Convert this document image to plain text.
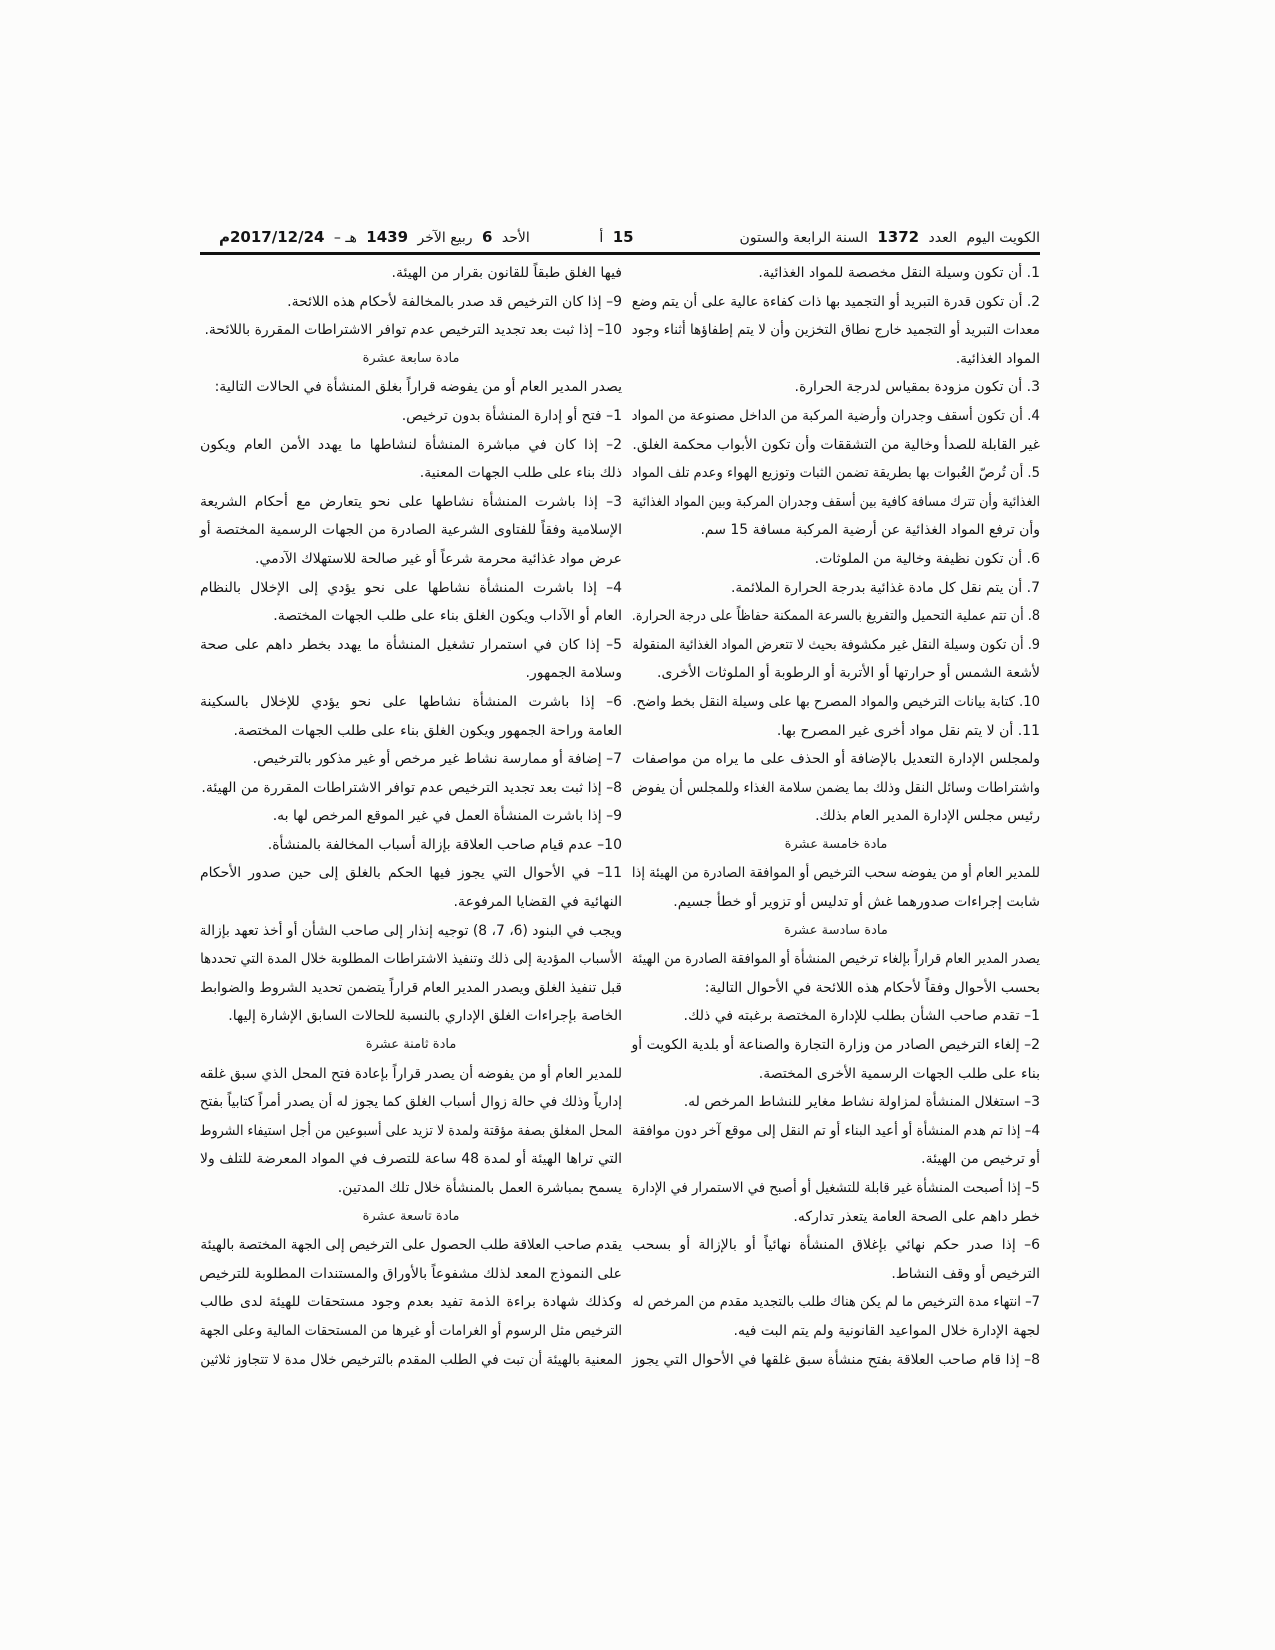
الكويت اليوم العدد 1372 السنة الرابعة والستون
15 أ
الأحد 6 ربيع الآخر 1439 هـ – 2017/12/24م
1. أن تكون وسيلة النقل مخصصة للمواد الغذائية.
2. أن تكون قدرة التبريد أو التجميد بها ذات كفاءة عالية على أن يتم وضع
معدات التبريد أو التجميد خارج نطاق التخزين وأن لا يتم إطفاؤها أثناء وجود
المواد الغذائية.
3. أن تكون مزودة بمقياس لدرجة الحرارة.
4. أن تكون أسقف وجدران وأرضية المركبة من الداخل مصنوعة من المواد
غير القابلة للصدأ وخالية من التشققات وأن تكون الأبواب محكمة الغلق.
5. أن تُرصّ العُبوات بها بطريقة تضمن الثبات وتوزيع الهواء وعدم تلف المواد
الغذائية وأن تترك مسافة كافية بين أسقف وجدران المركبة وبين المواد الغذائية
وأن ترفع المواد الغذائية عن أرضية المركبة مسافة 15 سم.
6. أن تكون نظيفة وخالية من الملوثات.
7. أن يتم نقل كل مادة غذائية بدرجة الحرارة الملائمة.
8. أن تتم عملية التحميل والتفريغ بالسرعة الممكنة حفاظاً على درجة الحرارة.
9. أن تكون وسيلة النقل غير مكشوفة بحيث لا تتعرض المواد الغذائية المنقولة
لأشعة الشمس أو حرارتها أو الأتربة أو الرطوبة أو الملوثات الأخرى.
10. كتابة بيانات الترخيص والمواد المصرح بها على وسيلة النقل بخط واضح.
11. أن لا يتم نقل مواد أخرى غير المصرح بها.
ولمجلس الإدارة التعديل بالإضافة أو الحذف على ما يراه من مواصفات
واشتراطات وسائل النقل وذلك بما يضمن سلامة الغذاء وللمجلس أن يفوض
رئيس مجلس الإدارة المدير العام بذلك.
مادة خامسة عشرة
للمدير العام أو من يفوضه سحب الترخيص أو الموافقة الصادرة من الهيئة إذا
شابت إجراءات صدورهما غش أو تدليس أو تزوير أو خطأ جسيم.
مادة سادسة عشرة
يصدر المدير العام قراراً بإلغاء ترخيص المنشأة أو الموافقة الصادرة من الهيئة
بحسب الأحوال وفقاً لأحكام هذه اللائحة في الأحوال التالية:
1– تقدم صاحب الشأن بطلب للإدارة المختصة برغبته في ذلك.
2– إلغاء الترخيص الصادر من وزارة التجارة والصناعة أو بلدية الكويت أو
بناء على طلب الجهات الرسمية الأخرى المختصة.
3– استغلال المنشأة لمزاولة نشاط مغاير للنشاط المرخص له.
4– إذا تم هدم المنشأة أو أعيد البناء أو تم النقل إلى موقع آخر دون موافقة
أو ترخيص من الهيئة.
5– إذا أصبحت المنشأة غير قابلة للتشغيل أو أصبح في الاستمرار في الإدارة
خطر داهم على الصحة العامة يتعذر تداركه.
6– إذا صدر حكم نهائي بإغلاق المنشأة نهائياً أو بالإزالة أو بسحب
الترخيص أو وقف النشاط.
7– انتهاء مدة الترخيص ما لم يكن هناك طلب بالتجديد مقدم من المرخص له
لجهة الإدارة خلال المواعيد القانونية ولم يتم البت فيه.
8– إذا قام صاحب العلاقة بفتح منشأة سبق غلقها في الأحوال التي يجوز
فيها الغلق طبقاً للقانون بقرار من الهيئة.
9– إذا كان الترخيص قد صدر بالمخالفة لأحكام هذه اللائحة.
10– إذا ثبت بعد تجديد الترخيص عدم توافر الاشتراطات المقررة باللائحة.
مادة سابعة عشرة
يصدر المدير العام أو من يفوضه قراراً بغلق المنشأة في الحالات التالية:
1– فتح أو إدارة المنشأة بدون ترخيص.
2– إذا كان في مباشرة المنشأة لنشاطها ما يهدد الأمن العام ويكون
ذلك بناء على طلب الجهات المعنية.
3– إذا باشرت المنشأة نشاطها على نحو يتعارض مع أحكام الشريعة
الإسلامية وفقاً للفتاوى الشرعية الصادرة من الجهات الرسمية المختصة أو
عرض مواد غذائية محرمة شرعاً أو غير صالحة للاستهلاك الآدمي.
4– إذا باشرت المنشأة نشاطها على نحو يؤدي إلى الإخلال بالنظام
العام أو الآداب ويكون الغلق بناء على طلب الجهات المختصة.
5– إذا كان في استمرار تشغيل المنشأة ما يهدد بخطر داهم على صحة
وسلامة الجمهور.
6– إذا باشرت المنشأة نشاطها على نحو يؤدي للإخلال بالسكينة
العامة وراحة الجمهور ويكون الغلق بناء على طلب الجهات المختصة.
7– إضافة أو ممارسة نشاط غير مرخص أو غير مذكور بالترخيص.
8– إذا ثبت بعد تجديد الترخيص عدم توافر الاشتراطات المقررة من الهيئة.
9– إذا باشرت المنشأة العمل في غير الموقع المرخص لها به.
10– عدم قيام صاحب العلاقة بإزالة أسباب المخالفة بالمنشأة.
11– في الأحوال التي يجوز فيها الحكم بالغلق إلى حين صدور الأحكام
النهائية في القضايا المرفوعة.
ويجب في البنود (6، 7، 8) توجيه إنذار إلى صاحب الشأن أو أخذ تعهد بإزالة
الأسباب المؤدية إلى ذلك وتنفيذ الاشتراطات المطلوبة خلال المدة التي تحددها
قبل تنفيذ الغلق ويصدر المدير العام قراراً يتضمن تحديد الشروط والضوابط
الخاصة بإجراءات الغلق الإداري بالنسبة للحالات السابق الإشارة إليها.
مادة ثامنة عشرة
للمدير العام أو من يفوضه أن يصدر قراراً بإعادة فتح المحل الذي سبق غلقه
إدارياً وذلك في حالة زوال أسباب الغلق كما يجوز له أن يصدر أمراً كتابياً بفتح
المحل المغلق بصفة مؤقتة ولمدة لا تزيد على أسبوعين من أجل استيفاء الشروط
التي تراها الهيئة أو لمدة 48 ساعة للتصرف في المواد المعرضة للتلف ولا
يسمح بمباشرة العمل بالمنشأة خلال تلك المدتين.
مادة تاسعة عشرة
يقدم صاحب العلاقة طلب الحصول على الترخيص إلى الجهة المختصة بالهيئة
على النموذج المعد لذلك مشفوعاً بالأوراق والمستندات المطلوبة للترخيص
وكذلك شهادة براءة الذمة تفيد بعدم وجود مستحقات للهيئة لدى طالب
الترخيص مثل الرسوم أو الغرامات أو غيرها من المستحقات المالية وعلى الجهة
المعنية بالهيئة أن تبت في الطلب المقدم بالترخيص خلال مدة لا تتجاوز ثلاثين
